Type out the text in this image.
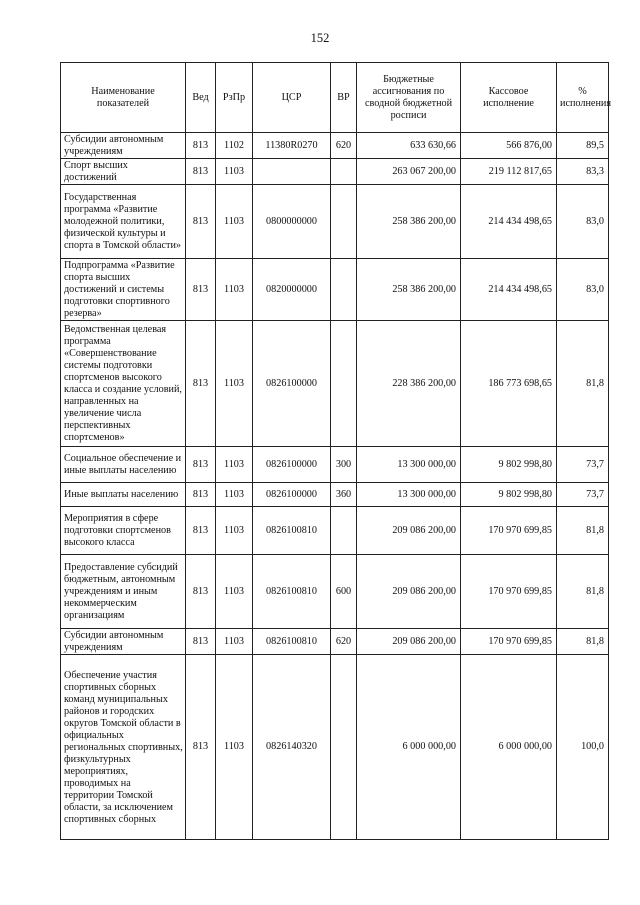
152
Наименование показателей	Вед	РзПр	ЦСР	ВР	Бюджетные ассигнования по сводной бюджетной росписи	Кассовое исполнение	% исполнения
Субсидии автономным учреждениям	813	1102	11380R0270	620	633 630,66	566 876,00	89,5
Спорт высших достижений	813	1103			263 067 200,00	219 112 817,65	83,3
Государственная программа «Развитие молодежной политики, физической культуры и спорта в Томской области»	813	1103	0800000000		258 386 200,00	214 434 498,65	83,0
Подпрограмма «Развитие спорта высших достижений и системы подготовки спортивного резерва»	813	1103	0820000000		258 386 200,00	214 434 498,65	83,0
Ведомственная целевая программа «Совершенствование системы подготовки спортсменов высокого класса и создание условий, направленных на увеличение числа перспективных спортсменов»	813	1103	0826100000		228 386 200,00	186 773 698,65	81,8
Социальное обеспечение и иные выплаты населению	813	1103	0826100000	300	13 300 000,00	9 802 998,80	73,7
Иные выплаты населению	813	1103	0826100000	360	13 300 000,00	9 802 998,80	73,7
Мероприятия в сфере подготовки спортсменов высокого класса	813	1103	0826100810		209 086 200,00	170 970 699,85	81,8
Предоставление субсидий бюджетным, автономным учреждениям и иным некоммерческим организациям	813	1103	0826100810	600	209 086 200,00	170 970 699,85	81,8
Субсидии автономным учреждениям	813	1103	0826100810	620	209 086 200,00	170 970 699,85	81,8
Обеспечение участия спортивных сборных команд муниципальных районов и городских округов Томской области в официальных региональных спортивных, физкультурных мероприятиях, проводимых на территории Томской области, за исключением спортивных сборных	813	1103	0826140320		6 000 000,00	6 000 000,00	100,0
